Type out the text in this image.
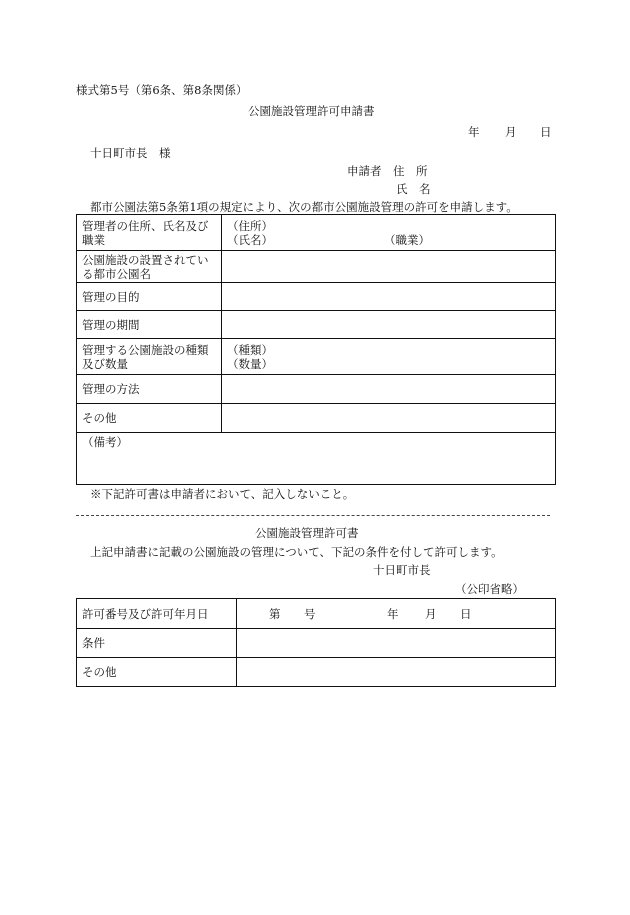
様式第5号（第6条、第8条関係）
公園施設管理許可申請書
年 月 日
十日町市長　様
申請者　住　所
氏　名
都市公園法第5条第1項の規定により、次の都市公園施設管理の許可を申請します。
管理者の住所、氏名及び職業	（住所）
（氏名） （職業）

公園施設の設置されている都市公園名	
管理の目的	
管理の期間	
管理する公園施設の種類及び数量	（種類）
（数量）

管理の方法	
その他	
（備考）	
※下記許可書は申請者において、記入しないこと。
公園施設管理許可書
上記申請書に記載の公園施設の管理について、下記の条件を付して許可します。
十日町市長
（公印省略）
許可番号及び許可年月日	第 号 年 月 日

条件	
その他	
